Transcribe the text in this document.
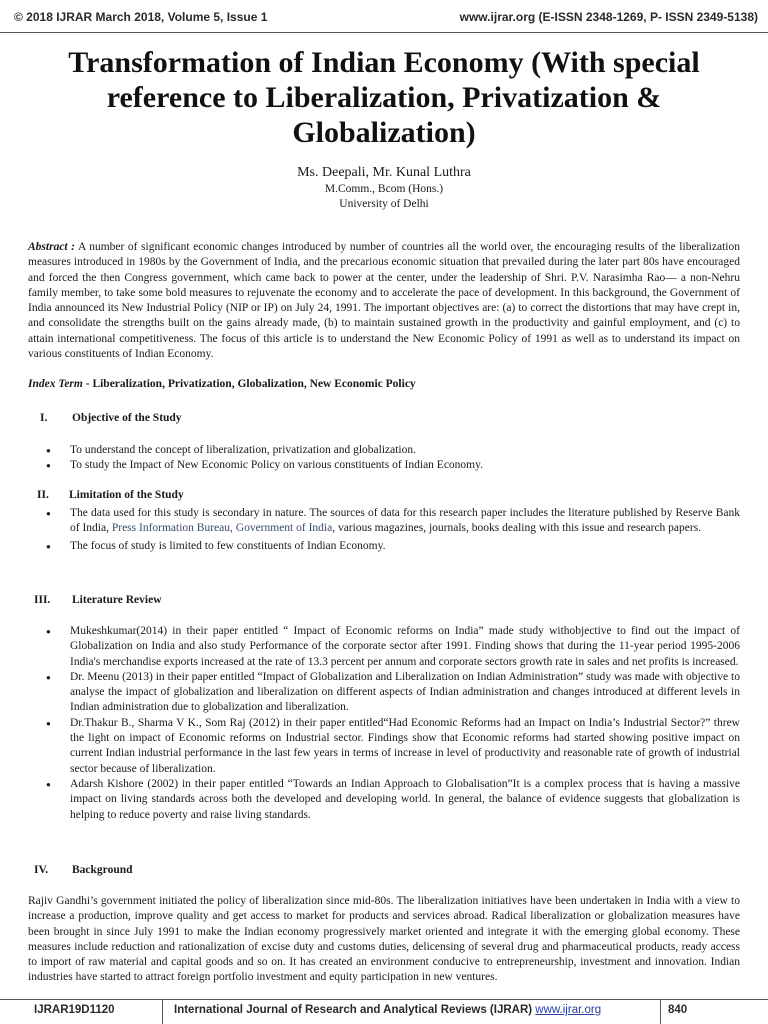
© 2018 IJRAR March 2018, Volume 5, Issue 1	www.ijrar.org (E-ISSN 2348-1269, P- ISSN 2349-5138)
Transformation of Indian Economy (With special reference to Liberalization, Privatization & Globalization)
Ms. Deepali, Mr. Kunal Luthra
M.Comm., Bcom (Hons.)
University of Delhi
Abstract : A number of significant economic changes introduced by number of countries all the world over, the encouraging results of the liberalization measures introduced in 1980s by the Government of India, and the precarious economic situation that prevailed during the later part 80s have encouraged and forced the then Congress government, which came back to power at the center, under the leadership of Shri. P.V. Narasimha Rao— a non-Nehru family member, to take some bold measures to rejuvenate the economy and to accelerate the pace of development. In this background, the Government of India announced its New Industrial Policy (NIP or IP) on July 24, 1991. The important objectives are: (a) to correct the distortions that may have crept in, and consolidate the strengths built on the gains already made, (b) to maintain sustained growth in the productivity and gainful employment, and (c) to attain international competitiveness. The focus of this article is to understand the New Economic Policy of 1991 as well as to understand its impact on various constituents of Indian Economy.
Index Term - Liberalization, Privatization, Globalization, New Economic Policy
I. Objective of the Study
● To understand the concept of liberalization, privatization and globalization.
● To study the Impact of New Economic Policy on various constituents of Indian Economy.
II. Limitation of the Study
● The data used for this study is secondary in nature. The sources of data for this research paper includes the literature published by Reserve Bank of India, Press Information Bureau, Government of India, various magazines, journals, books dealing with this issue and research papers.
● The focus of study is limited to few constituents of Indian Economy.
III. Literature Review
● Mukeshkumar(2014) in their paper entitled “ Impact of Economic reforms on India” made study withobjective to find out the impact of Globalization on India and also study Performance of the corporate sector after 1991. Finding shows that during the 11-year period 1995-2006 India's merchandise exports increased at the rate of 13.3 percent per annum and corporate sectors growth rate in sales and net profits is increased.
● Dr. Meenu (2013) in their paper entitled “Impact of Globalization and Liberalization on Indian Administration” study was made with objective to analyse the impact of globalization and liberalization on different aspects of Indian administration and changes introduced at different levels in Indian administration due to globalization and liberalization.
● Dr.Thakur B., Sharma V K., Som Raj (2012) in their paper entitled“Had Economic Reforms had an Impact on India’s Industrial Sector?” threw the light on impact of Economic reforms on Industrial sector. Findings show that Economic reforms had started showing positive impact on current Indian industrial performance in the last few years in terms of increase in level of productivity and reasonable rate of growth of industrial sector because of liberalization.
● Adarsh Kishore (2002) in their paper entitled “Towards an Indian Approach to Globalisation”It is a complex process that is having a massive impact on living standards across both the developed and developing world. In general, the balance of evidence suggests that globalization is helping to reduce poverty and raise living standards.
IV. Background
Rajiv Gandhi’s government initiated the policy of liberalization since mid-80s. The liberalization initiatives have been undertaken in India with a view to increase a production, improve quality and get access to market for products and services abroad. Radical liberalization or globalization measures have been brought in since July 1991 to make the Indian economy progressively market oriented and integrate it with the emerging global economy. These measures include reduction and rationalization of excise duty and customs duties, delicensing of several drug and pharmaceutical products, ready access to import of raw material and capital goods and so on. It has created an environment conducive to entrepreneurship, investment and innovation. Indian industries have started to attract foreign portfolio investment and equity participation in new ventures.
IJRAR19D1120	International Journal of Research and Analytical Reviews (IJRAR) www.ijrar.org	840
